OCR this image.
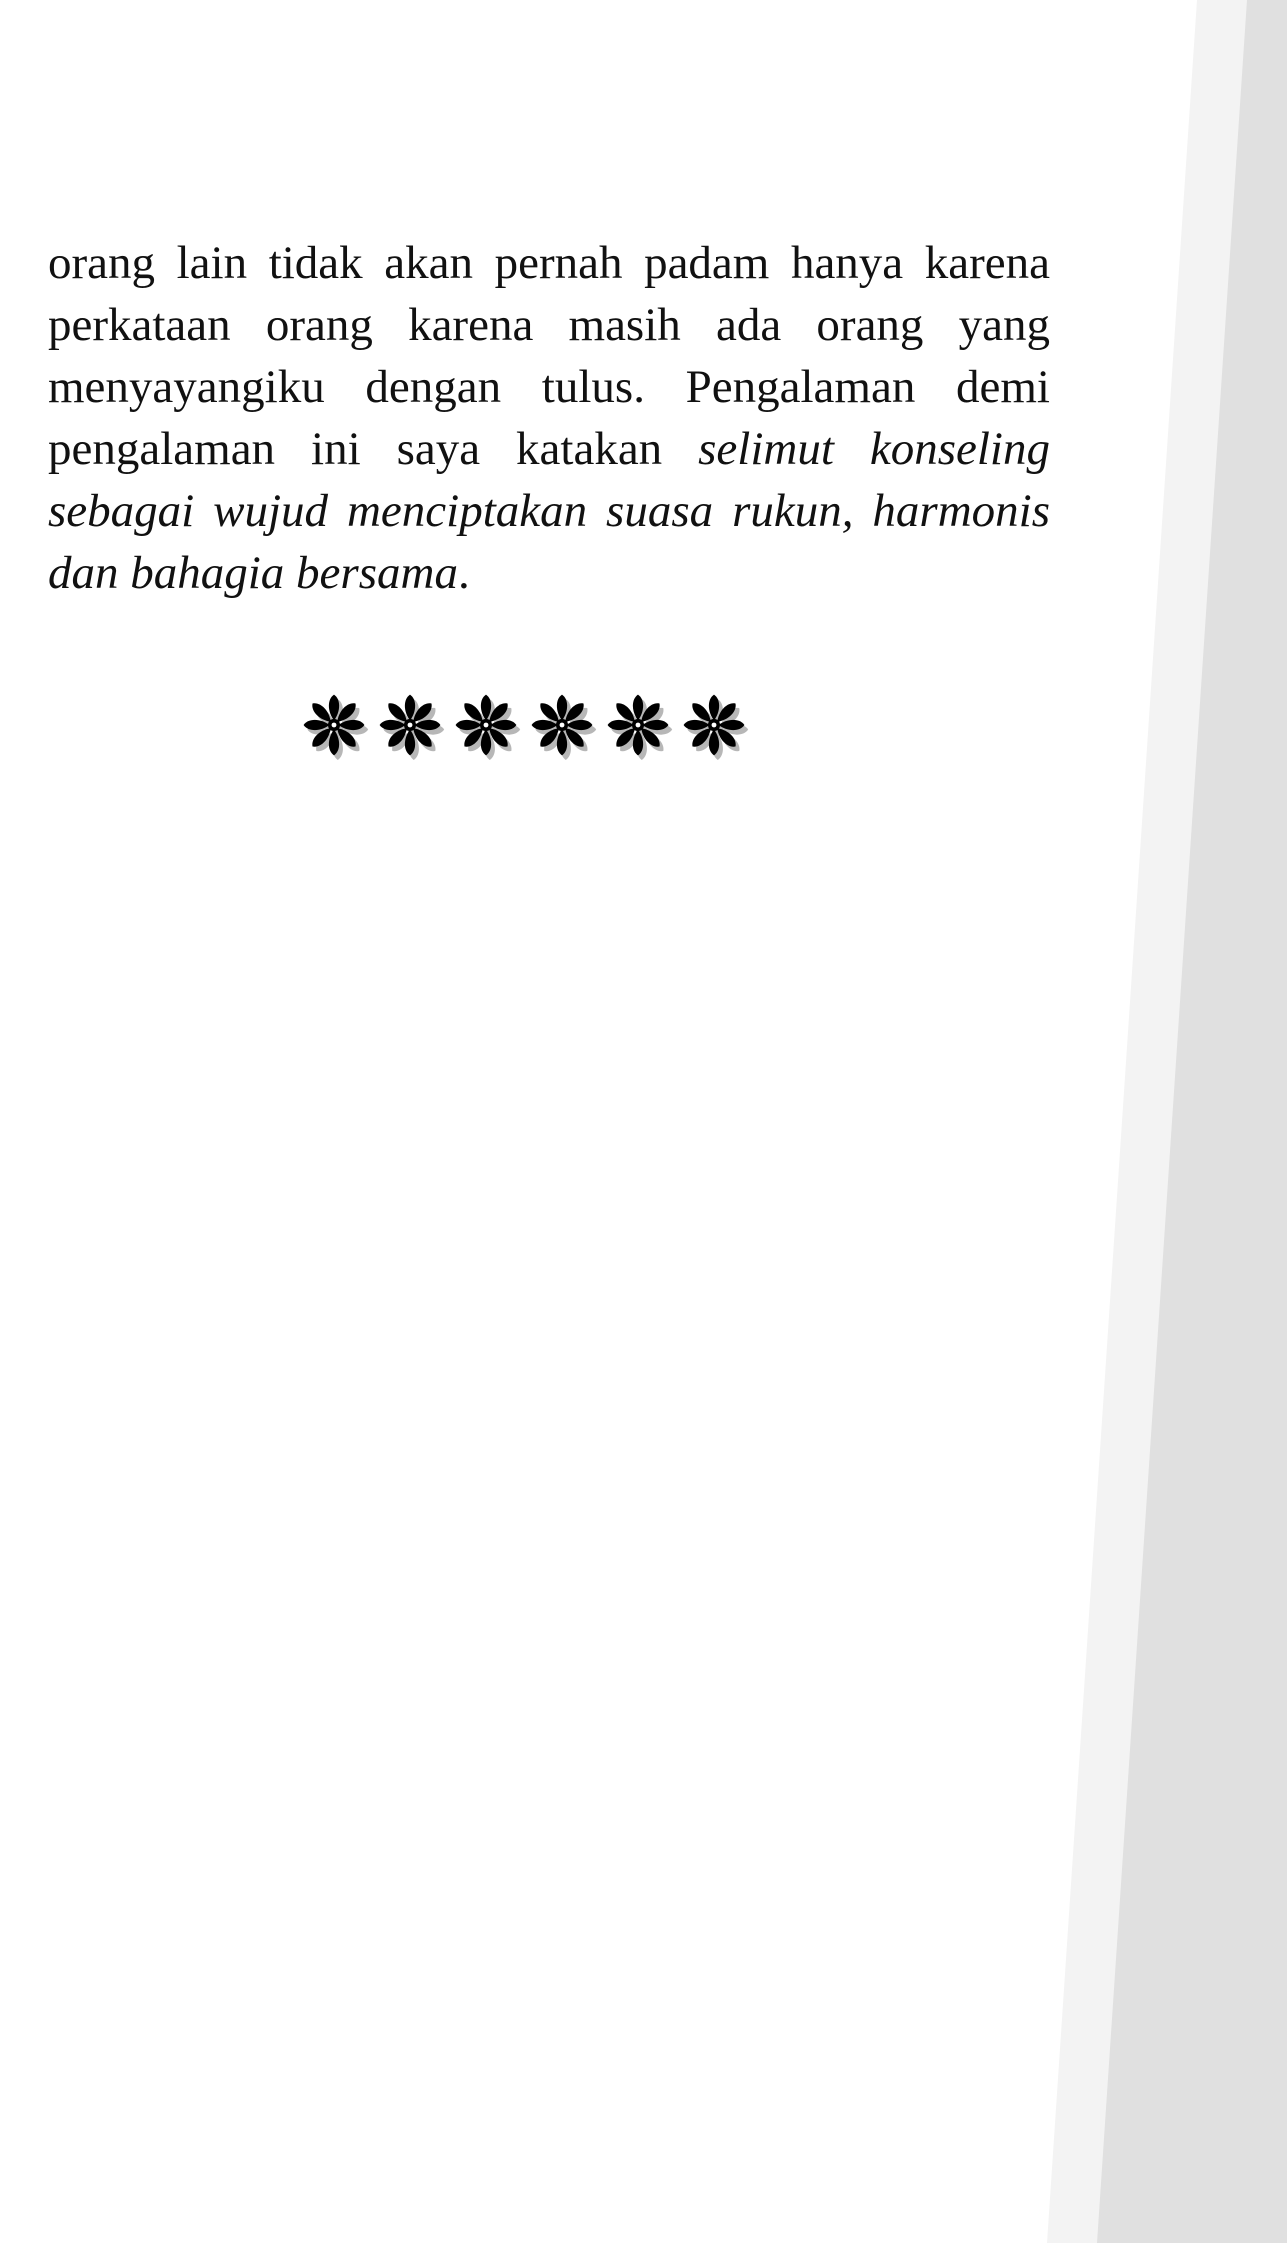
orang lain tidak akan pernah padam hanya karena perkataan orang karena masih ada orang yang menyayangiku dengan tulus. Pengalaman demi pengalaman ini saya katakan selimut konseling sebagai wujud menciptakan suasa rukun, harmonis dan bahagia bersama.
